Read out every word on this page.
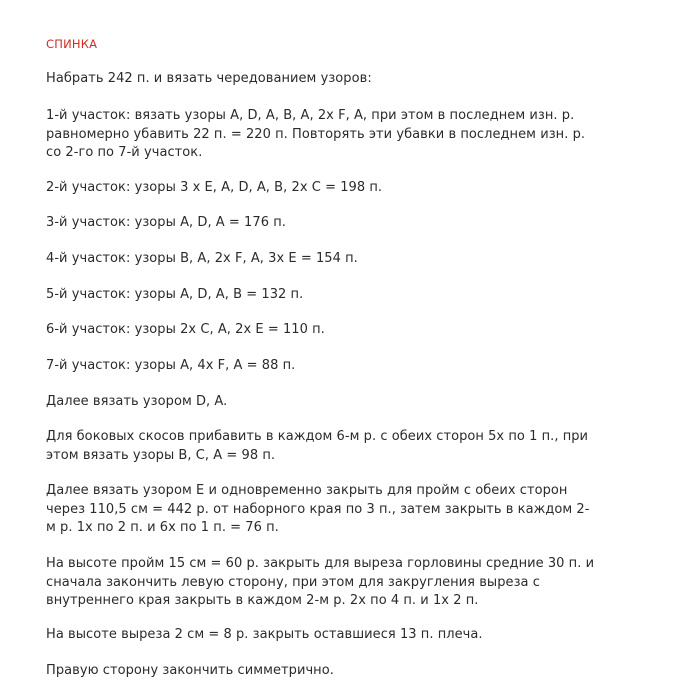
СПИНКА
Набрать 242 п. и вязать чередованием узоров:
1-й участок: вязать узоры A, D, A, B, A, 2x F, A, при этом в последнем изн. р.
равномерно убавить 22 п. = 220 п. Повторять эти убавки в последнем изн. р.
со 2-го по 7-й участок.
2-й участок: узоры 3 x E, A, D, A, B, 2x C = 198 п.
3-й участок: узоры A, D, A = 176 п.
4-й участок: узоры B, A, 2x F, A, 3x E = 154 п.
5-й участок: узоры A, D, A, B = 132 п.
6-й участок: узоры 2x C, A, 2x E = 110 п.
7-й участок: узоры A, 4x F, A = 88 п.
Далее вязать узором D, A.
Для боковых скосов прибавить в каждом 6-м р. с обеих сторон 5x по 1 п., при
этом вязать узоры B, C, A = 98 п.
Далее вязать узором E и одновременно закрыть для пройм с обеих сторон
через 110,5 см = 442 р. от наборного края по 3 п., затем закрыть в каждом 2-
м р. 1x по 2 п. и 6x по 1 п. = 76 п.
На высоте пройм 15 см = 60 р. закрыть для выреза горловины средние 30 п. и
сначала закончить левую сторону, при этом для закругления выреза с
внутреннего края закрыть в каждом 2-м р. 2x по 4 п. и 1x 2 п.
На высоте выреза 2 см = 8 р. закрыть оставшиеся 13 п. плеча.
Правую сторону закончить симметрично.
